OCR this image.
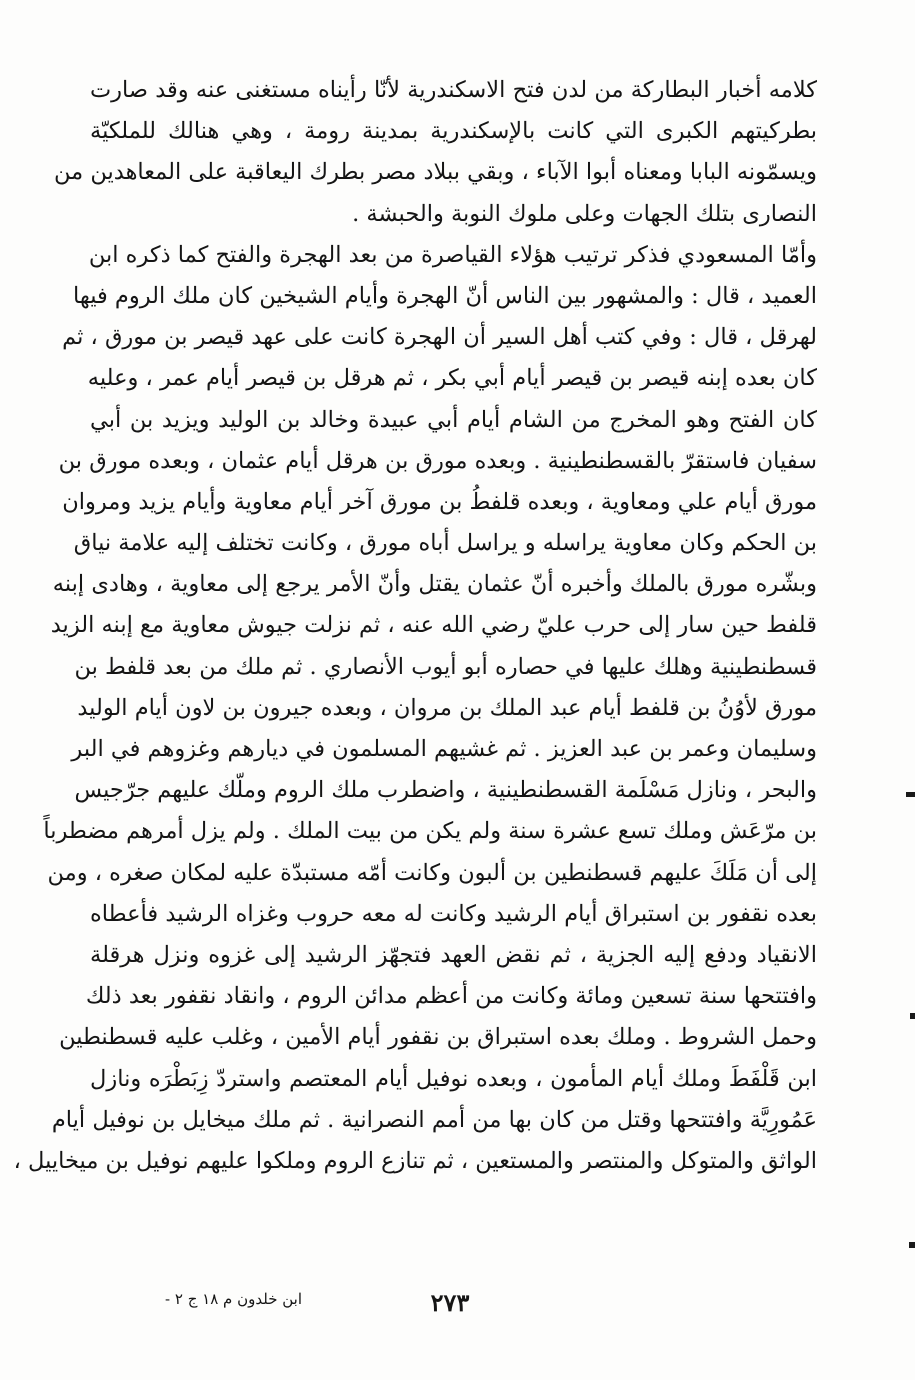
كلامه أخبار البطاركة من لدن فتح الاسكندرية لأنّا رأيناه مستغنى عنه وقد صارت
بطركيتهم الكبرى التي كانت بالإسكندرية بمدينة رومة ، وهي هنالك للملكيّة
ويسمّونه البابا ومعناه أبوا الآباء ، وبقي ببلاد مصر بطرك اليعاقبة على المعاهدين من
النصارى بتلك الجهات وعلى ملوك النوبة والحبشة .
وأمّا المسعودي فذكر ترتيب هؤلاء القياصرة من بعد الهجرة والفتح كما ذكره ابن
العميد ، قال : والمشهور بين الناس أنّ الهجرة وأيام الشيخين كان ملك الروم فيها
لهرقل ، قال : وفي كتب أهل السير أن الهجرة كانت على عهد قيصر بن مورق ، ثم
كان بعده إبنه قيصر بن قيصر أيام أبي بكر ، ثم هرقل بن قيصر أيام عمر ، وعليه
كان الفتح وهو المخرج من الشام أيام أبي عبيدة وخالد بن الوليد ويزيد بن أبي
سفيان فاستقرّ بالقسطنطينية . وبعده مورق بن هرقل أيام عثمان ، وبعده مورق بن
مورق أيام علي ومعاوية ، وبعده قلفطُ بن مورق آخر أيام معاوية وأيام يزيد ومروان
بن الحكم وكان معاوية يراسله و يراسل أباه مورق ، وكانت تختلف إليه علامة نياق
وبشّره مورق بالملك وأخبره أنّ عثمان يقتل وأنّ الأمر يرجع إلى معاوية ، وهادى إبنه
قلفط حين سار إلى حرب عليّ رضي الله عنه ، ثم نزلت جيوش معاوية مع إبنه الزيد
قسطنطينية وهلك عليها في حصاره أبو أيوب الأنصاري . ثم ملك من بعد قلفط بن
مورق لأوُنُ بن قلفط أيام عبد الملك بن مروان ، وبعده جيرون بن لاون أيام الوليد
وسليمان وعمر بن عبد العزيز . ثم غشيهم المسلمون في ديارهم وغزوهم في البر
والبحر ، ونازل مَسْلَمة القسطنطينية ، واضطرب ملك الروم وملّك عليهم جرّجيس
بن مرّعَش وملك تسع عشرة سنة ولم يكن من بيت الملك . ولم يزل أمرهم مضطرباً
إلى أن مَلَكَ عليهم قسطنطين بن ألبون وكانت أمّه مستبدّة عليه لمكان صغره ، ومن
بعده نقفور بن استبراق أيام الرشيد وكانت له معه حروب وغزاه الرشيد فأعطاه
الانقياد ودفع إليه الجزية ، ثم نقض العهد فتجهّز الرشيد إلى غزوه ونزل هرقلة
وافتتحها سنة تسعين ومائة وكانت من أعظم مدائن الروم ، وانقاد نقفور بعد ذلك
وحمل الشروط . وملك بعده استبراق بن نقفور أيام الأمين ، وغلب عليه قسطنطين
ابن قَلْفَطَ وملك أيام المأمون ، وبعده نوفيل أيام المعتصم واستردّ زِبَطْرَه ونازل
عَمُورِيَّة وافتتحها وقتل من كان بها من أمم النصرانية . ثم ملك ميخايل بن نوفيل أيام
الواثق والمتوكل والمنتصر والمستعين ، ثم تنازع الروم وملكوا عليهم نوفيل بن ميخاييل ،
ابن خلدون م ١٨ ج ٢ -	٢٧٣
